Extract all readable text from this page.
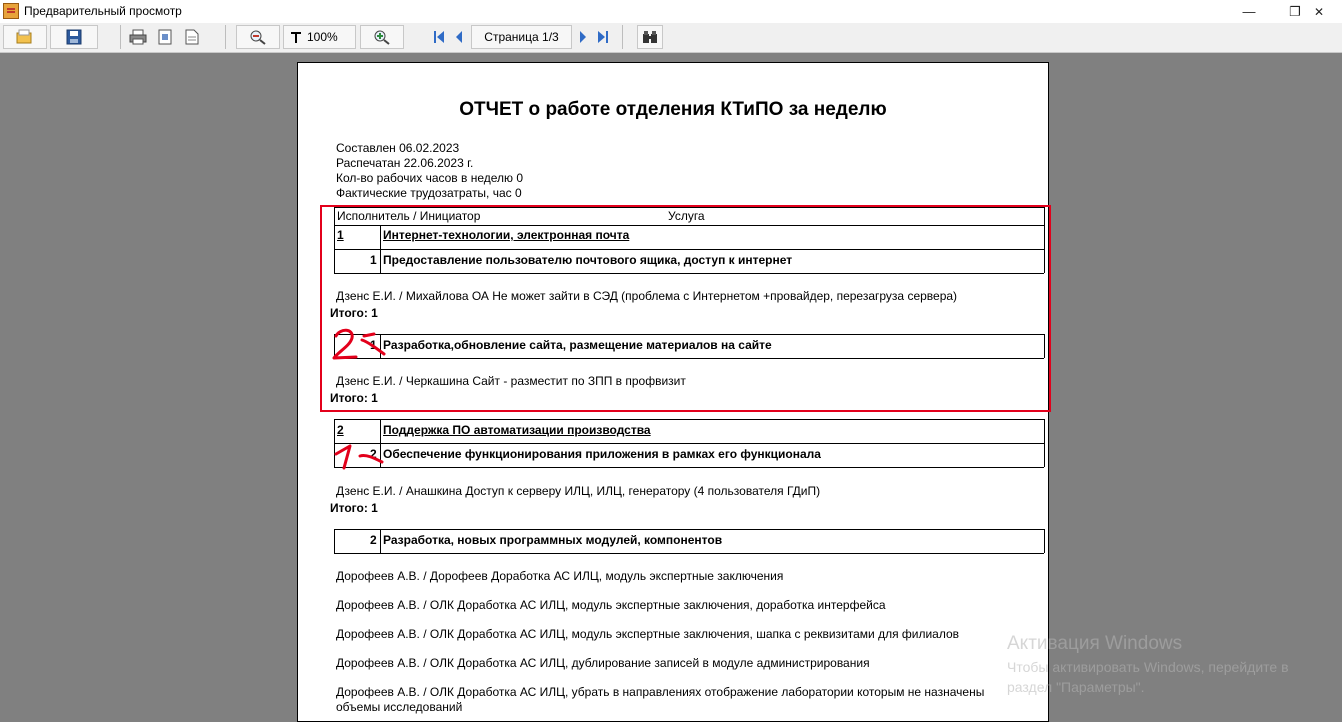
Предварительный просмотр	—	❐	✕
100%	Страница 1/3
ОТЧЕТ о работе отделения КТиПО за неделю
Составлен 06.02.2023
Распечатан 22.06.2023 г.
Кол-во рабочих часов в неделю 0
Фактические трудозатраты, час 0
Исполнитель / Инициатор	Услуга
1	Интернет-технологии, электронная почта
1 Предоставление пользователю почтового ящика, доступ к интернет
Дзенс Е.И. / Михайлова ОА Не может зайти в СЭД (проблема с Интернетом +провайдер, перезагруза сервера)
Итого: 1
1 Разработка,обновление сайта, размещение материалов на сайте
Дзенс Е.И. / Черкашина Сайт - разместит по ЗПП в профвизит
Итого: 1
2	Поддержка ПО автоматизации производства
2 Обеспечение функционирования приложения в рамках его функционала
Дзенс Е.И. / Анашкина Доступ к серверу ИЛЦ, ИЛЦ, генератору (4 пользователя ГДиП)
Итого: 1
2 Разработка, новых программных модулей, компонентов
Дорофеев А.В. / Дорофеев Доработка АС ИЛЦ, модуль экспертные заключения
Дорофеев А.В. / ОЛК Доработка АС ИЛЦ, модуль экспертные заключения, доработка интерфейса
Дорофеев А.В. / ОЛК Доработка АС ИЛЦ, модуль экспертные заключения, шапка с реквизитами для филиалов
Дорофеев А.В. / ОЛК Доработка АС ИЛЦ, дублирование записей в модуле администрирования
Дорофеев А.В. / ОЛК Доработка АС ИЛЦ, убрать в направлениях отображение лаборатории которым не назначены
объемы исследований
Активация Windows
Чтобы активировать Windows, перейдите в
раздел "Параметры".
